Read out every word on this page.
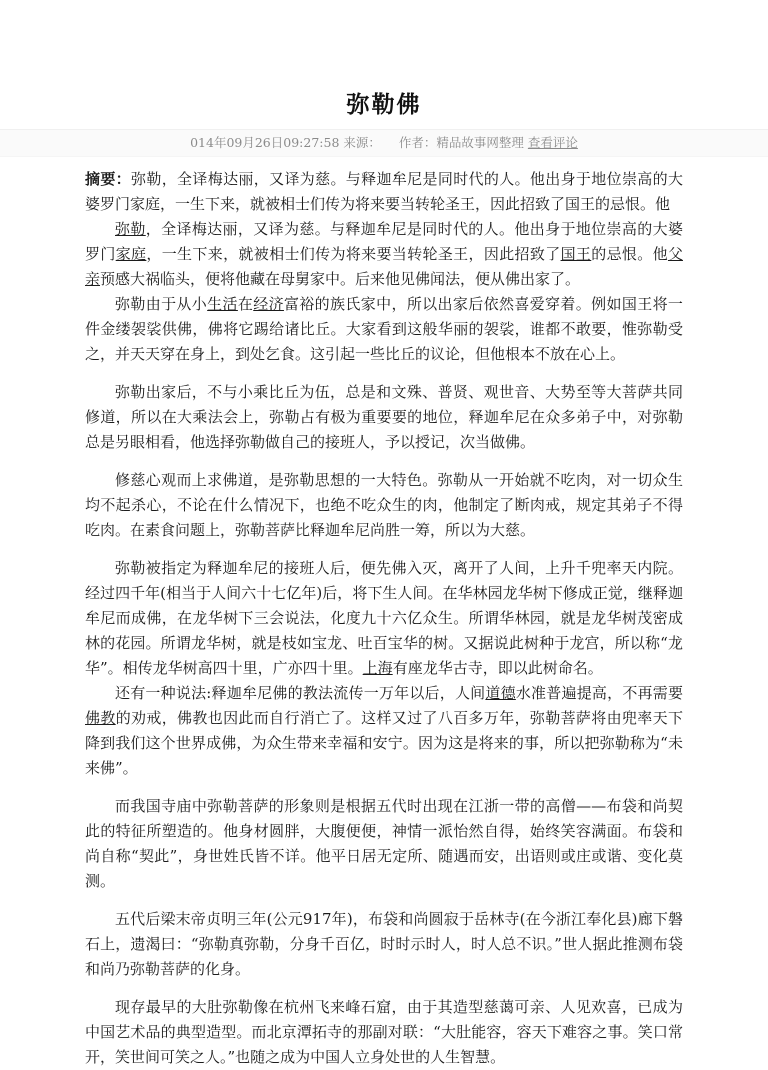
弥勒佛
014年09月26日09:27:58 来源： 作者：精品故事网整理 查看评论

摘要：弥勒，全译梅达丽，又译为慈。与释迦牟尼是同时代的人。他出身于地位崇高的大婆罗门家庭，一生下来，就被相士们传为将来要当转轮圣王，因此招致了国王的忌恨。他

弥勒，全译梅达丽，又译为慈。与释迦牟尼是同时代的人。他出身于地位崇高的大婆罗门家庭，一生下来，就被相士们传为将来要当转轮圣王，因此招致了国王的忌恨。他父亲预感大祸临头，便将他藏在母舅家中。后来他见佛闻法，便从佛出家了。

弥勒由于从小生活在经济富裕的族氏家中，所以出家后依然喜爱穿着。例如国王将一件金缕袈裟供佛，佛将它踢给诸比丘。大家看到这般华丽的袈裟，谁都不敢要，惟弥勒受之，并天天穿在身上，到处乞食。这引起一些比丘的议论，但他根本不放在心上。

弥勒出家后，不与小乘比丘为伍，总是和文殊、普贤、观世音、大势至等大菩萨共同修道，所以在大乘法会上，弥勒占有极为重要要的地位，释迦牟尼在众多弟子中，对弥勒总是另眼相看，他选择弥勒做自己的接班人，予以授记，次当做佛。

修慈心观而上求佛道，是弥勒思想的一大特色。弥勒从一开始就不吃肉，对一切众生均不起杀心，不论在什么情况下，也绝不吃众生的肉，他制定了断肉戒，规定其弟子不得吃肉。在素食问题上，弥勒菩萨比释迦牟尼尚胜一筹，所以为大慈。

弥勒被指定为释迦牟尼的接班人后，便先佛入灭，离开了人间，上升千兜率天内院。经过四千年(相当于人间六十七亿年)后，将下生人间。在华林园龙华树下修成正觉，继释迦牟尼而成佛，在龙华树下三会说法，化度九十六亿众生。所谓华林园，就是龙华树茂密成林的花园。所谓龙华树，就是枝如宝龙、吐百宝华的树。又据说此树种于龙宫，所以称“龙华”。相传龙华树高四十里，广亦四十里。上海有座龙华古寺，即以此树命名。

还有一种说法:释迦牟尼佛的教法流传一万年以后，人间道德水准普遍提高，不再需要佛教的劝戒，佛教也因此而自行消亡了。这样又过了八百多万年，弥勒菩萨将由兜率天下降到我们这个世界成佛，为众生带来幸福和安宁。因为这是将来的事，所以把弥勒称为“未来佛”。

而我国寺庙中弥勒菩萨的形象则是根据五代时出现在江浙一带的高僧——布袋和尚契此的特征所塑造的。他身材圆胖，大腹便便，神情一派怡然自得，始终笑容满面。布袋和尚自称“契此”，身世姓氏皆不详。他平日居无定所、随遇而安，出语则或庄或谐、变化莫测。

五代后梁末帝贞明三年(公元917年)，布袋和尚圆寂于岳林寺(在今浙江奉化县)廊下磐石上，遗渴曰：“弥勒真弥勒，分身千百亿，时时示时人，时人总不识。”世人据此推测布袋和尚乃弥勒菩萨的化身。

现存最早的大肚弥勒像在杭州飞来峰石窟，由于其造型慈蔼可亲、人见欢喜，已成为中国艺术品的典型造型。而北京潭拓寺的那副对联：“大肚能容，容天下难容之事。笑口常开，笑世间可笑之人。”也随之成为中国人立身处世的人生智慧。
